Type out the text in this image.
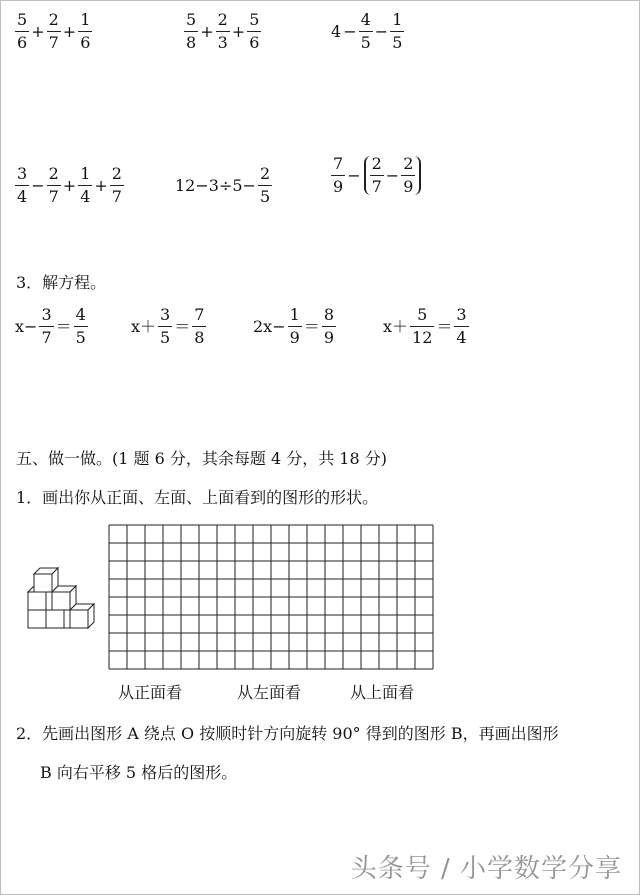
$\frac{5}{6} + \frac{2}{7} + \frac{1}{6}$	$\frac{5}{8} + \frac{2}{3} + \frac{5}{6}$	$4 - \frac{4}{5} - \frac{1}{5}$
$\frac{3}{4} - \frac{2}{7} + \frac{1}{4} + \frac{2}{7}$	$12-3\div 5- \frac{2}{5}$	$\frac{7}{9} - \frac{2}{7} - \frac{2}{9}$
3．解方程。
$x- \frac{3}{7} = \frac{4}{5}$	$x+ \frac{3}{5} = \frac{7}{8}$	$2x- \frac{1}{9} = \frac{8}{9}$	$x+ \frac{5}{12} = \frac{3}{4}$
五、做一做。(1 题 6 分，其余每题 4 分，共 18 分)
1．画出你从正面、左面、上面看到的图形的形状。
从正面看	从左面看	从上面看
2．先画出图形 A 绕点 O 按顺时针方向旋转 90° 得到的图形 B，再画出图形
B 向右平移 5 格后的图形。
头条号 / 小学数学分享
